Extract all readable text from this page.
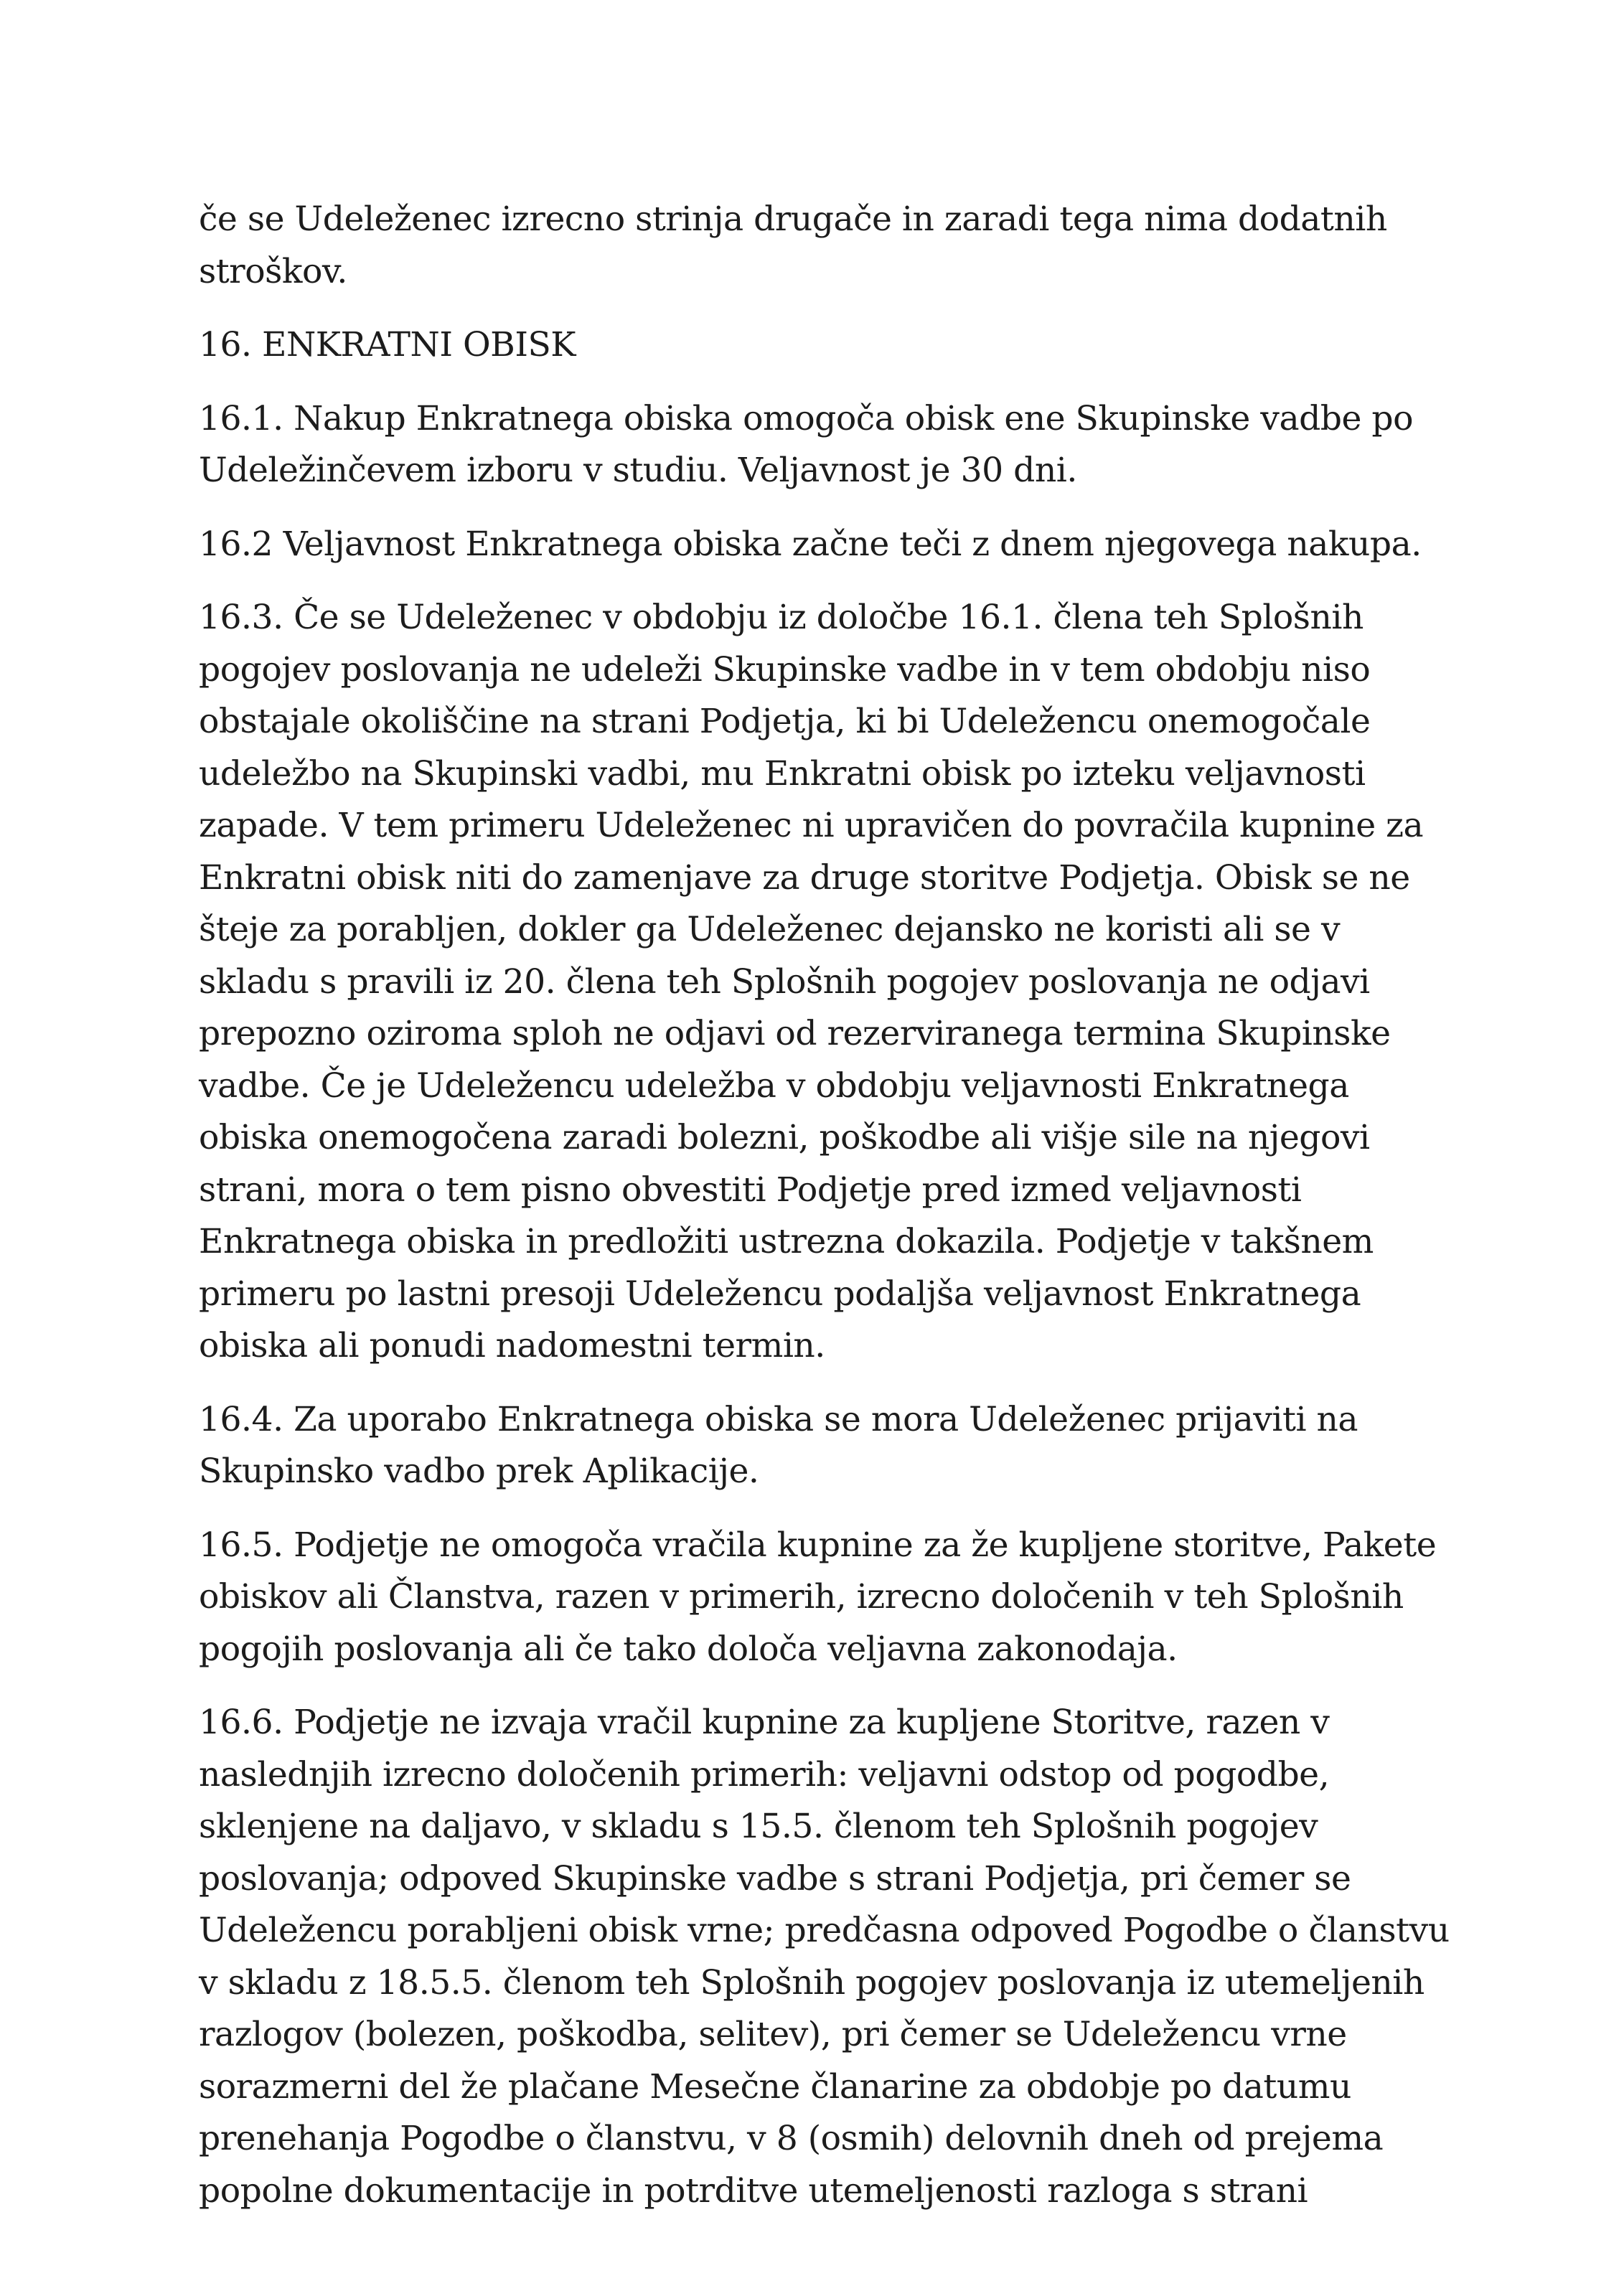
če se Udeleženec izrecno strinja drugače in zaradi tega nima dodatnih stroškov.

16. ENKRATNI OBISK

16.1. Nakup Enkratnega obiska omogoča obisk ene Skupinske vadbe po Udeležinčevem izboru v studiu. Veljavnost je 30 dni.

16.2 Veljavnost Enkratnega obiska začne teči z dnem njegovega nakupa.

16.3. Če se Udeleženec v obdobju iz določbe 16.1. člena teh Splošnih pogojev poslovanja ne udeleži Skupinske vadbe in v tem obdobju niso obstajale okoliščine na strani Podjetja, ki bi Udeležencu onemogočale udeležbo na Skupinski vadbi, mu Enkratni obisk po izteku veljavnosti zapade. V tem primeru Udeleženec ni upravičen do povračila kupnine za Enkratni obisk niti do zamenjave za druge storitve Podjetja. Obisk se ne šteje za porabljen, dokler ga Udeleženec dejansko ne koristi ali se v skladu s pravili iz 20. člena teh Splošnih pogojev poslovanja ne odjavi prepozno oziroma sploh ne odjavi od rezerviranega termina Skupinske vadbe. Če je Udeležencu udeležba v obdobju veljavnosti Enkratnega obiska onemogočena zaradi bolezni, poškodbe ali višje sile na njegovi strani, mora o tem pisno obvestiti Podjetje pred izmed veljavnosti Enkratnega obiska in predložiti ustrezna dokazila. Podjetje v takšnem primeru po lastni presoji Udeležencu podaljša veljavnost Enkratnega obiska ali ponudi nadomestni termin.

16.4. Za uporabo Enkratnega obiska se mora Udeleženec prijaviti na Skupinsko vadbo prek Aplikacije.

16.5. Podjetje ne omogoča vračila kupnine za že kupljene storitve, Pakete obiskov ali Članstva, razen v primerih, izrecno določenih v teh Splošnih pogojih poslovanja ali če tako določa veljavna zakonodaja.

16.6. Podjetje ne izvaja vračil kupnine za kupljene Storitve, razen v naslednjih izrecno določenih primerih: veljavni odstop od pogodbe, sklenjene na daljavo, v skladu s 15.5. členom teh Splošnih pogojev poslovanja; odpoved Skupinske vadbe s strani Podjetja, pri čemer se Udeležencu porabljeni obisk vrne; predčasna odpoved Pogodbe o članstvu v skladu z 18.5.5. členom teh Splošnih pogojev poslovanja iz utemeljenih razlogov (bolezen, poškodba, selitev), pri čemer se Udeležencu vrne sorazmerni del že plačane Mesečne članarine za obdobje po datumu prenehanja Pogodbe o članstvu, v 8 (osmih) delovnih dneh od prejema popolne dokumentacije in potrditve utemeljenosti razloga s strani
